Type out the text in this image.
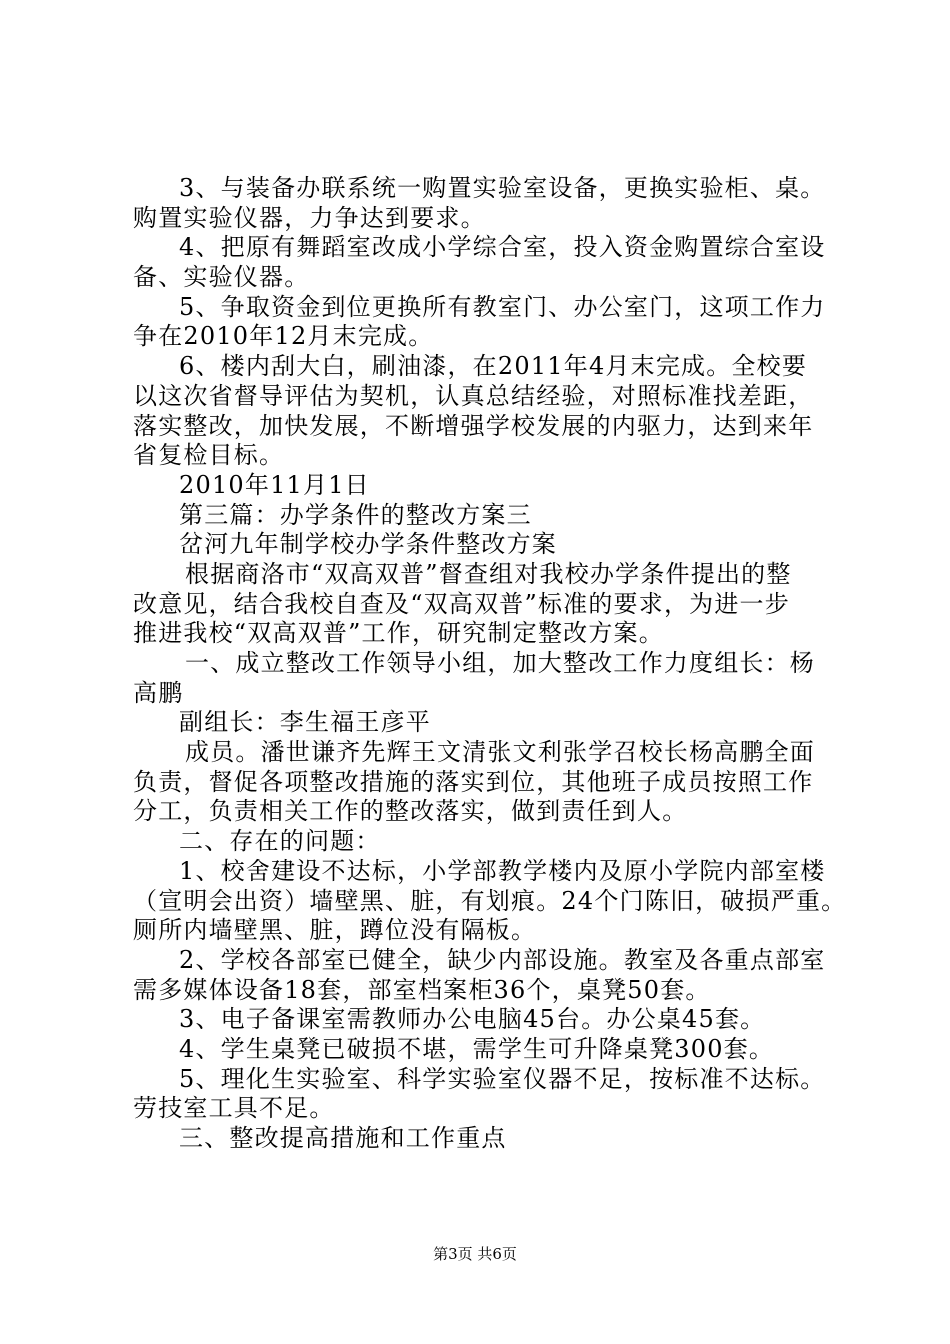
3、与装备办联系统一购置实验室设备，更换实验柜、桌。
购置实验仪器，力争达到要求。
4、把原有舞蹈室改成小学综合室，投入资金购置综合室设
备、实验仪器。
5、争取资金到位更换所有教室门、办公室门，这项工作力
争在2010年12月末完成。
6、楼内刮大白，刷油漆，在2011年4月末完成。全校要
以这次省督导评估为契机，认真总结经验，对照标准找差距，
落实整改，加快发展，不断增强学校发展的内驱力，达到来年
省复检目标。
2010年11月1日
第三篇：办学条件的整改方案三
岔河九年制学校办学条件整改方案
根据商洛市“双高双普”督查组对我校办学条件提出的整
改意见，结合我校自查及“双高双普”标准的要求，为进一步
推进我校“双高双普”工作，研究制定整改方案。
一、成立整改工作领导小组，加大整改工作力度组长：杨
高鹏
副组长：李生福王彦平
成员。潘世谦齐先辉王文清张文利张学召校长杨高鹏全面
负责，督促各项整改措施的落实到位，其他班子成员按照工作
分工，负责相关工作的整改落实，做到责任到人。
二、存在的问题：
1、校舍建设不达标，小学部教学楼内及原小学院内部室楼
（宣明会出资）墙壁黑、脏，有划痕。24个门陈旧，破损严重。
厕所内墙壁黑、脏，蹲位没有隔板。
2、学校各部室已健全，缺少内部设施。教室及各重点部室
需多媒体设备18套，部室档案柜36个，桌凳50套。
3、电子备课室需教师办公电脑45台。办公桌45套。
4、学生桌凳已破损不堪，需学生可升降桌凳300套。
5、理化生实验室、科学实验室仪器不足，按标准不达标。
劳技室工具不足。
三、整改提高措施和工作重点
第3页 共6页
